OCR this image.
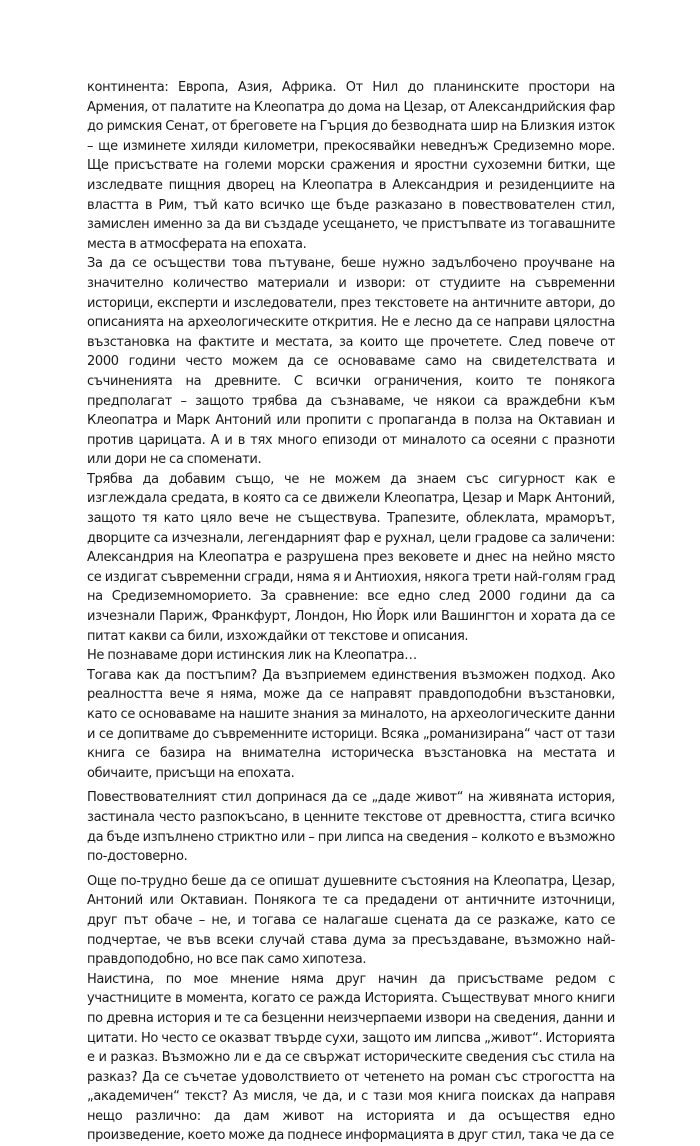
континента: Европа, Азия, Африка. От Нил до планинските простори на Армения, от палатите на Клеопатра до дома на Цезар, от Александрийския фар до римския Сенат, от бреговете на Гърция до безводната шир на Близкия изток – ще изминете хиляди километри, прекосявайки неведнъж Средиземно море. Ще присъствате на големи морски сражения и яростни сухоземни битки, ще изследвате пищния дворец на Клеопатра в Александрия и резиденциите на властта в Рим, тъй като всичко ще бъде разказано в повествователен стил, замислен именно за да ви създаде усещането, че пристъпвате из тогавашните места в атмосферата на епохата.

За да се осъществи това пътуване, беше нужно задълбочено проучване на значително количество материали и извори: от студиите на съвременни историци, експерти и изследователи, през текстовете на античните автори, до описанията на археологическите открития. Не е лесно да се направи цялостна възстановка на фактите и местата, за които ще прочетете. След повече от 2000 години често можем да се основаваме само на свидетелствата и съчиненията на древните. С всички ограничения, които те понякога предполагат – защото трябва да съзнаваме, че някои са враждебни към Клеопатра и Марк Антоний или пропити с пропаганда в полза на Октавиан и против царицата. А и в тях много епизоди от миналото са осеяни с празноти или дори не са споменати.

Трябва да добавим също, че не можем да знаем със сигурност как е изглеждала средата, в която са се движели Клеопатра, Цезар и Марк Антоний, защото тя като цяло вече не съществува. Трапезите, облеклата, мраморът, дворците са изчезнали, легендарният фар е рухнал, цели градове са заличени: Александрия на Клеопатра е разрушена през вековете и днес на нейно място се издигат съвременни сгради, няма я и Антиохия, някога трети най-голям град на Средиземноморието. За сравнение: все едно след 2000 години да са изчезнали Париж, Франкфурт, Лондон, Ню Йорк или Вашингтон и хората да се питат какви са били, изхождайки от текстове и описания.

Не познаваме дори истинския лик на Клеопатра…

Тогава как да постъпим? Да възприемем единствения възможен подход. Ако реалността вече я няма, може да се направят правдоподобни възстановки, като се основаваме на нашите знания за миналото, на археологическите данни и се допитваме до съвременните историци. Всяка „романизирана“ част от тази книга се базира на внимателна историческа възстановка на местата и обичаите, присъщи на епохата.

Повествователният стил допринася да се „даде живот“ на живяната история, застинала често разпокъсано, в ценните текстове от древността, стига всичко да бъде изпълнено стриктно или – при липса на сведения – колкото е възможно по-достоверно.

Още по-трудно беше да се опишат душевните състояния на Клеопатра, Цезар, Антоний или Октавиан. Понякога те са предадени от античните източници, друг път обаче – не, и тогава се налагаше сцената да се разкаже, като се подчертае, че във всеки случай става дума за пресъздаване, възможно най-правдоподобно, но все пак само хипотеза.

Наистина, по мое мнение няма друг начин да присъстваме редом с участниците в момента, когато се ражда Историята. Съществуват много книги по древна история и те са безценни неизчерпаеми извори на сведения, данни и цитати. Но често се оказват твърде сухи, защото им липсва „живот“. Историята е и разказ. Възможно ли е да се свържат историческите сведения със стила на разказ? Да се съчетае удоволствието от четенето на роман със строгостта на „академичен“ текст? Аз мисля, че да, и с тази моя книга поисках да направя нещо различно: да дам живот на историята и да осъществя едно произведение, което може да поднесе информацията в друг стил, така че да се
